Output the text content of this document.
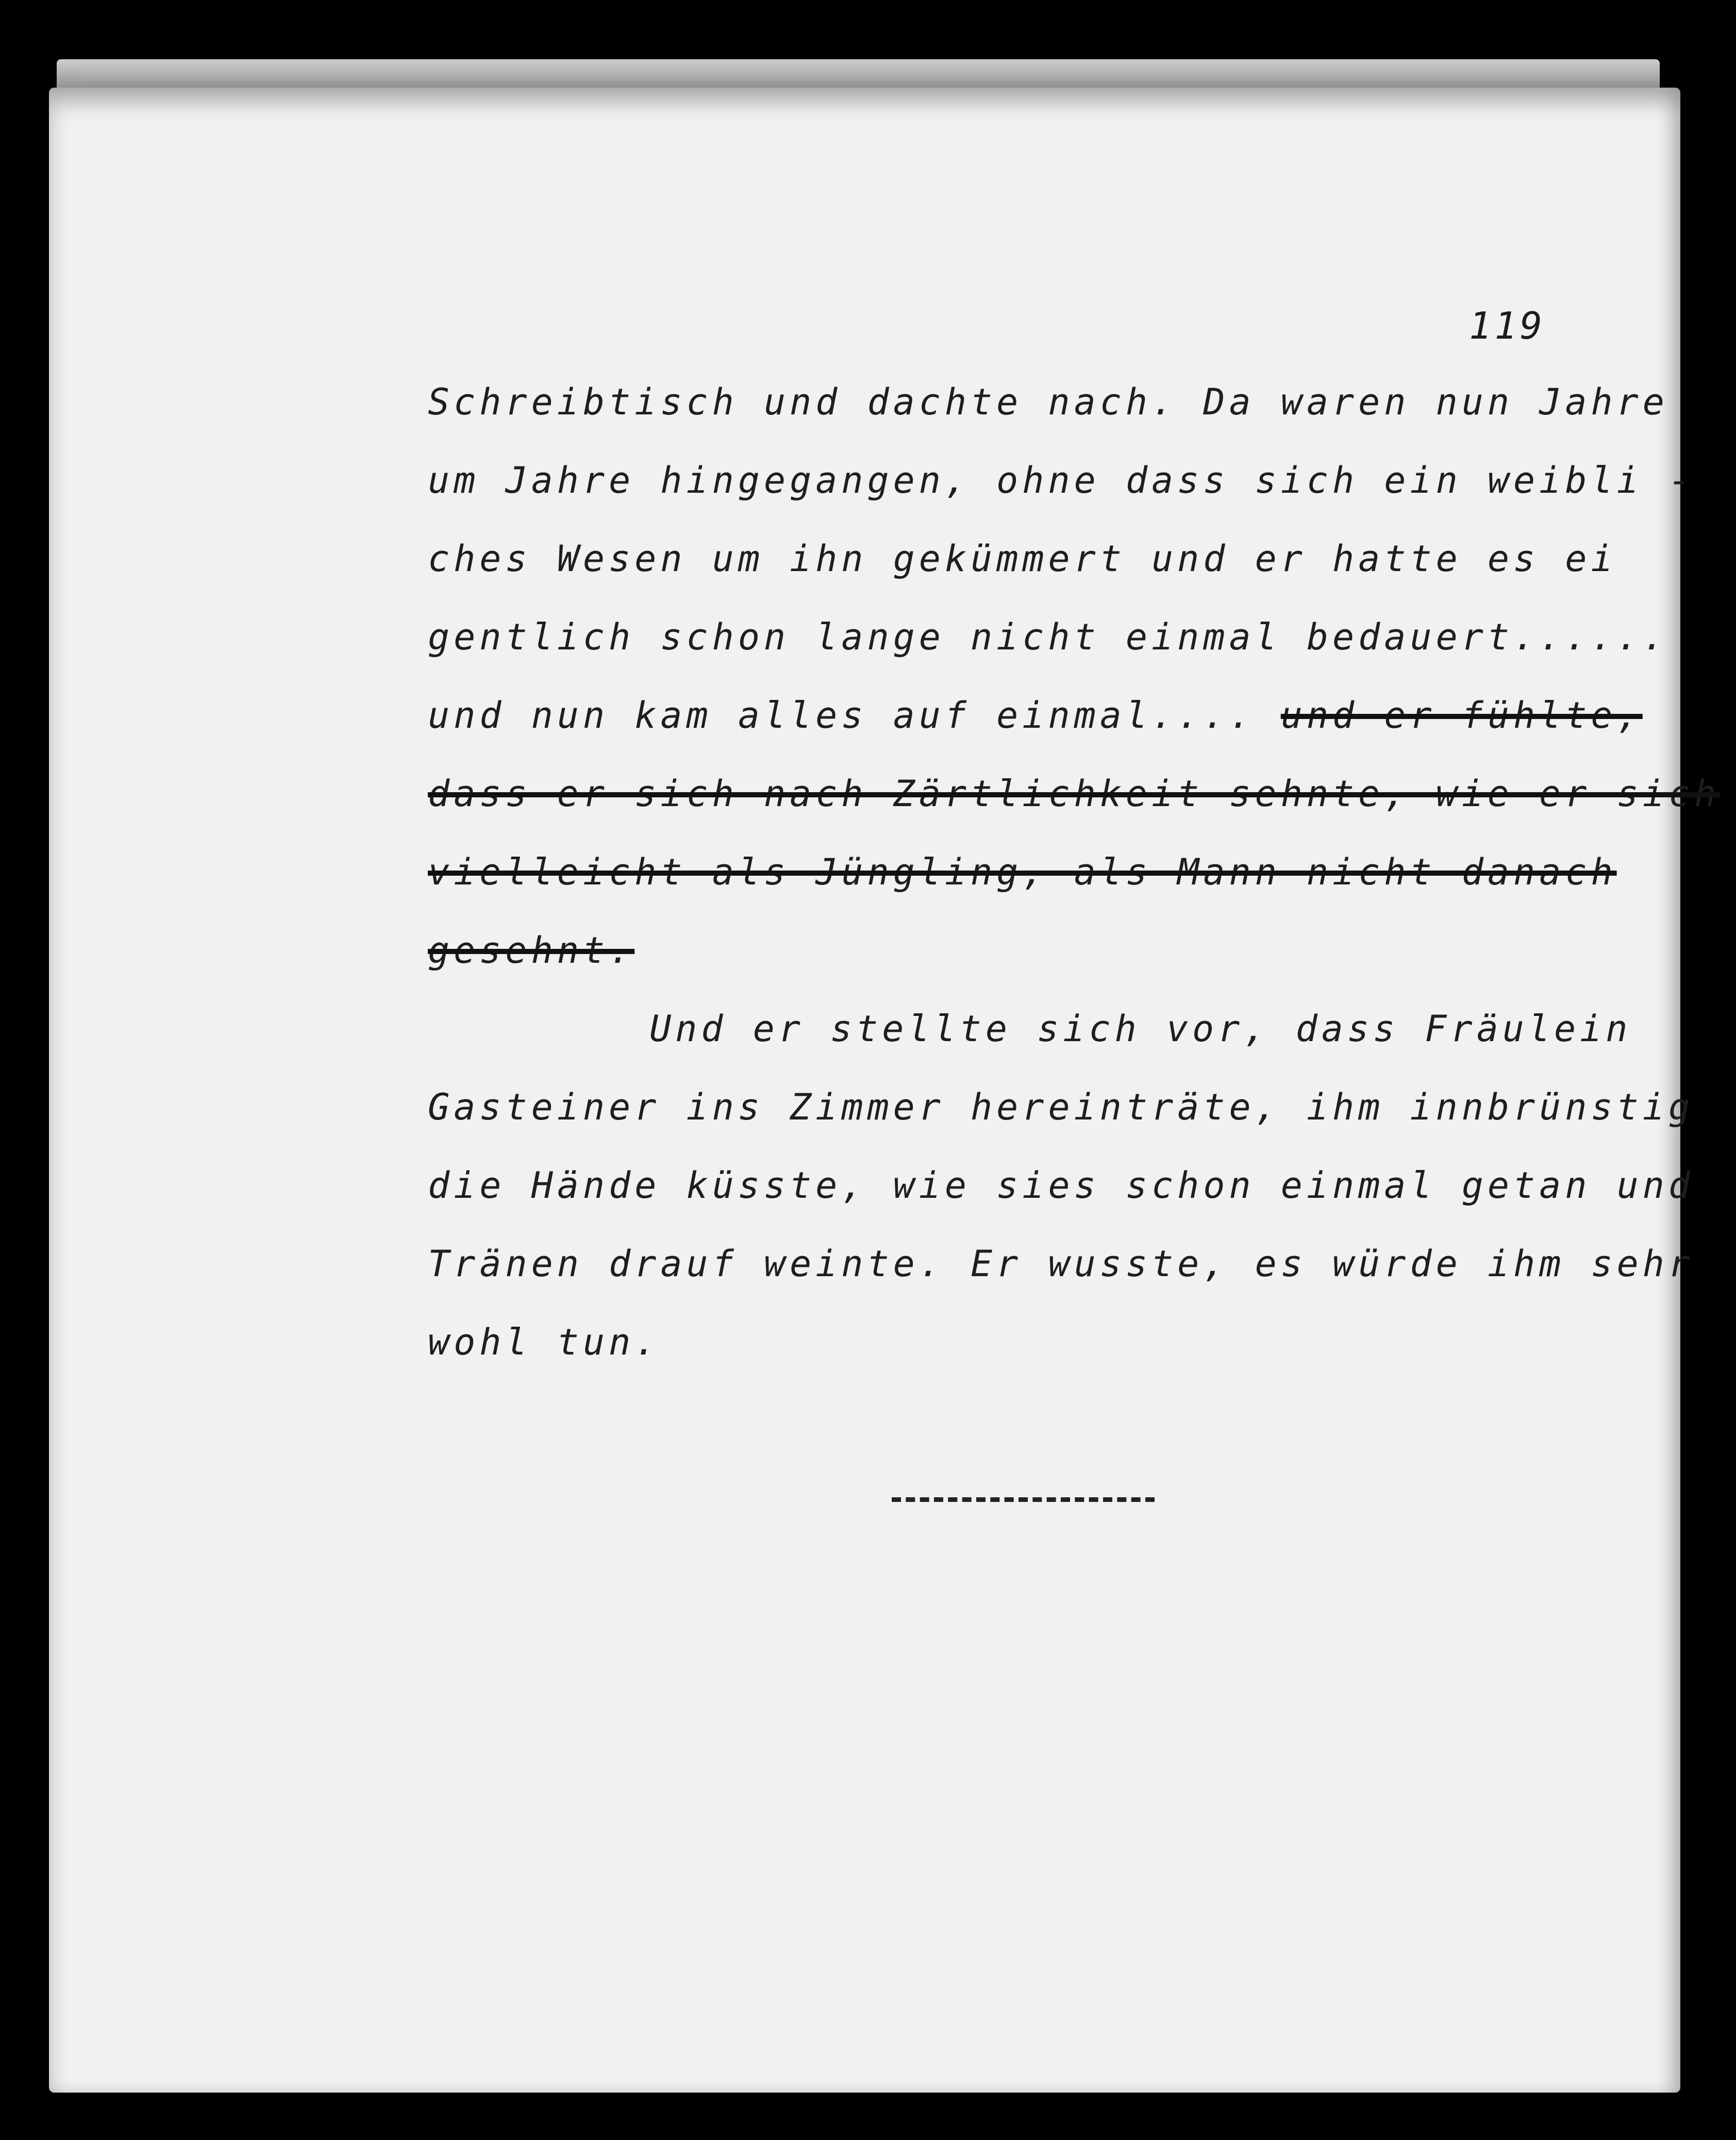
119
Schreibtisch und dachte nach. Da waren nun Jahre
um Jahre hingegangen, ohne dass sich ein weibli -
ches Wesen um ihn gekümmert und er hatte es ei
gentlich schon lange nicht einmal bedauert......
und nun kam alles auf einmal.... und er fühlte,
dass er sich nach Zärtlichkeit sehnte, wie er sich
vielleicht als Jüngling, als Mann nicht danach
gesehnt.
Und er stellte sich vor, dass Fräulein
Gasteiner ins Zimmer hereinträte, ihm innbrünstig
die Hände küsste, wie sies schon einmal getan und
Tränen drauf weinte. Er wusste, es würde ihm sehr
wohl tun.
